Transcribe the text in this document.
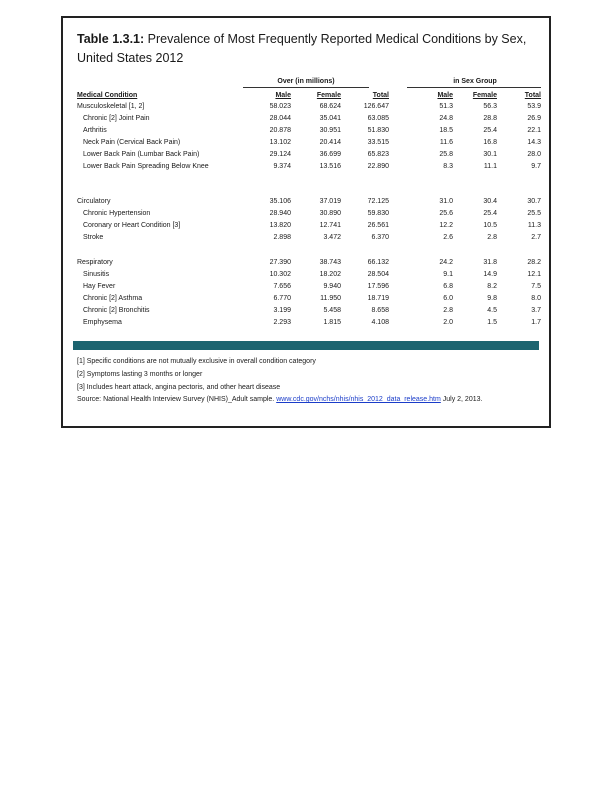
Table 1.3.1: Prevalence of Most Frequently Reported Medical Conditions by Sex, United States 2012
Over (in millions)	in Sex Group
Medical Condition	Male	Female	Total	Male	Female	Total
Musculoskeletal [1, 2]	58.023	68.624	126.647	51.3	56.3	53.9
Chronic [2] Joint Pain	28.044	35.041	63.085	24.8	28.8	26.9
Arthritis	20.878	30.951	51.830	18.5	25.4	22.1
Neck Pain (Cervical Back Pain)	13.102	20.414	33.515	11.6	16.8	14.3
Lower Back Pain (Lumbar Back Pain)	29.124	36.699	65.823	25.8	30.1	28.0
Lower Back Pain Spreading Below Knee	9.374	13.516	22.890	8.3	11.1	9.7
Circulatory	35.106	37.019	72.125	31.0	30.4	30.7
Chronic Hypertension	28.940	30.890	59.830	25.6	25.4	25.5
Coronary or Heart Condition [3]	13.820	12.741	26.561	12.2	10.5	11.3
Stroke	2.898	3.472	6.370	2.6	2.8	2.7
Respiratory	27.390	38.743	66.132	24.2	31.8	28.2
Sinusitis	10.302	18.202	28.504	9.1	14.9	12.1
Hay Fever	7.656	9.940	17.596	6.8	8.2	7.5
Chronic [2] Asthma	6.770	11.950	18.719	6.0	9.8	8.0
Chronic [2] Bronchitis	3.199	5.458	8.658	2.8	4.5	3.7
Emphysema	2.293	1.815	4.108	2.0	1.5	1.7
[1] Specific conditions are not mutually exclusive in overall condition category
[2] Symptoms lasting 3 months or longer
[3] Includes heart attack, angina pectoris, and other heart disease
Source: National Health Interview Survey (NHIS)_Adult sample. www.cdc.gov/nchs/nhis/nhis_2012_data_release.htm July 2, 2013.
